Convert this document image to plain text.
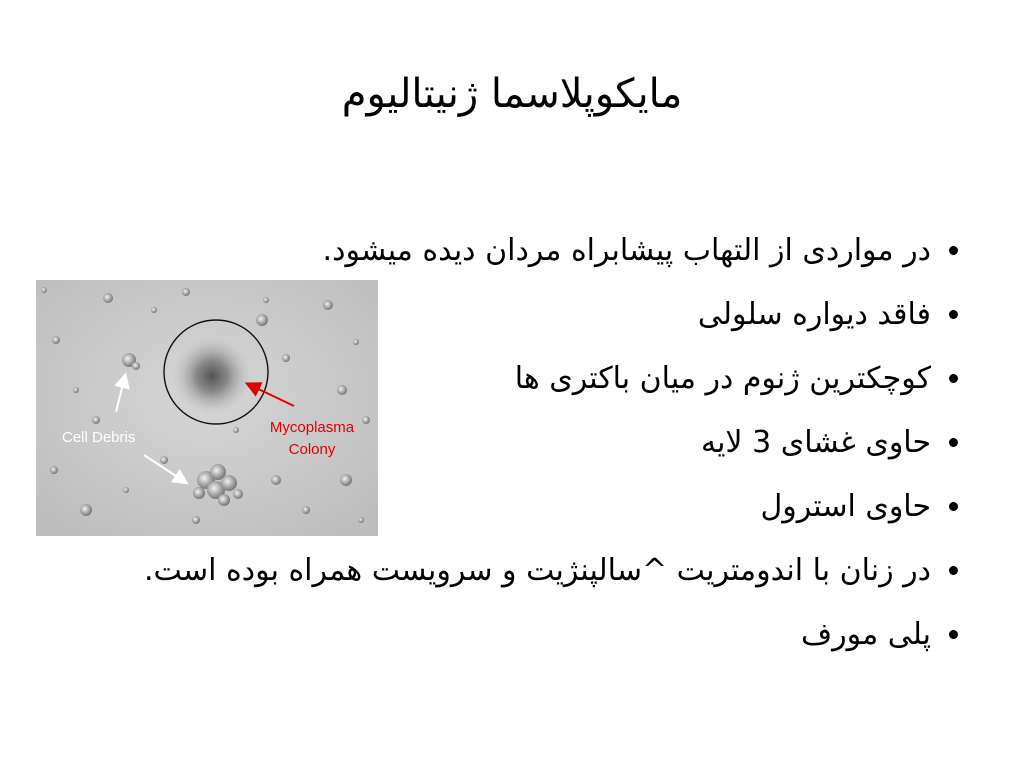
مایکوپلاسما ژنیتالیوم
در مواردی از التهاب پیشابراه مردان دیده میشود.
فاقد دیواره سلولی
کوچکترین ژنوم در میان باکتری ها
حاوی غشای 3 لایه
حاوی استرول
در زنان با اندومتریت ^سالپنژیت و سرویست همراه بوده است.
پلی مورف
Cell Debris
Mycoplasma
Colony
